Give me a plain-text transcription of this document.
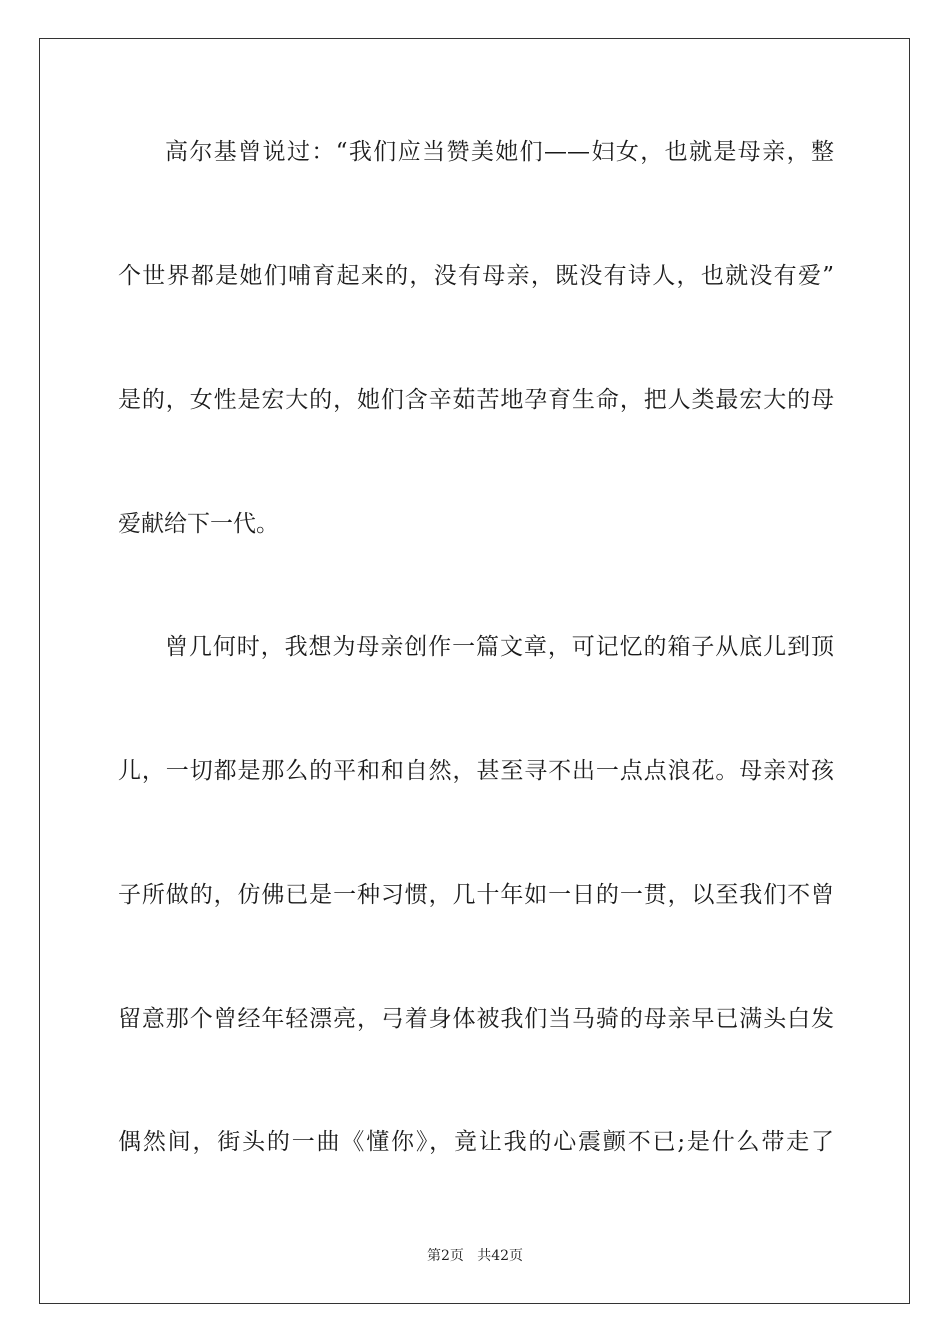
高尔基曾说过：“我们应当赞美她们——妇女，也就是母亲，整
个世界都是她们哺育起来的，没有母亲，既没有诗人，也就没有爱”
是的，女性是宏大的，她们含辛茹苦地孕育生命，把人类最宏大的母
爱献给下一代。
曾几何时，我想为母亲创作一篇文章，可记忆的箱子从底儿到顶
儿，一切都是那么的平和和自然，甚至寻不出一点点浪花。母亲对孩
子所做的，仿佛已是一种习惯，几十年如一日的一贯，以至我们不曾
留意那个曾经年轻漂亮，弓着身体被我们当马骑的母亲早已满头白发
偶然间，街头的一曲《懂你》，竟让我的心震颤不已;是什么带走了
第2页   共42页
